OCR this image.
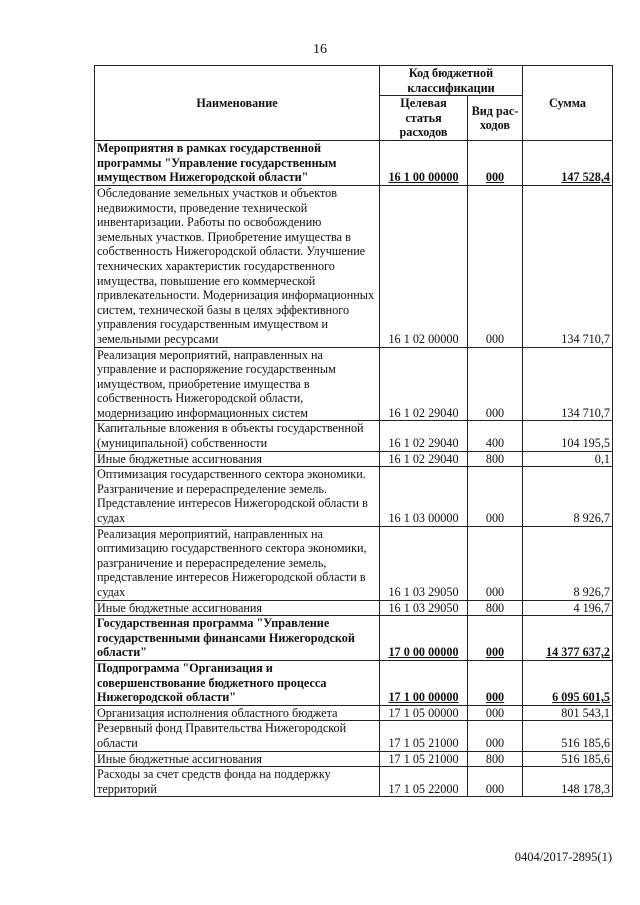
16
Наименование	Код бюджетной классификации		Сумма
	Целевая статья расходов	Вид рас-ходов	
Мероприятия в рамках государственной программы "Управление государственным имуществом Нижегородской области"	16 1 00 00000	000	147 528,4
Обследование земельных участков и объектов недвижимости, проведение технической инвентаризации. Работы по освобождению земельных участков. Приобретение имущества в собственность Нижегородской области. Улучшение технических характеристик государственного имущества, повышение его коммерческой привлекательности. Модернизация информационных систем, технической базы в целях эффективного управления государственным имуществом и земельными ресурсами	16 1 02 00000	000	134 710,7
Реализация мероприятий, направленных на управление и распоряжение государственным имуществом, приобретение имущества в собственность Нижегородской области, модернизацию информационных систем	16 1 02 29040	000	134 710,7
Капитальные вложения в объекты государственной (муниципальной) собственности	16 1 02 29040	400	104 195,5
Иные бюджетные ассигнования	16 1 02 29040	800	0,1
Оптимизация государственного сектора экономики. Разграничение и перераспределение земель. Представление интересов Нижегородской области в судах	16 1 03 00000	000	8 926,7
Реализация мероприятий, направленных на оптимизацию государственного сектора экономики, разграничение и перераспределение земель, представление интересов Нижегородской области в судах	16 1 03 29050	000	8 926,7
Иные бюджетные ассигнования	16 1 03 29050	800	4 196,7
Государственная программа "Управление государственными финансами Нижегородской области"	17 0 00 00000	000	14 377 637,2
Подпрограмма "Организация и совершенствование бюджетного процесса Нижегородской области"	17 1 00 00000	000	6 095 601,5
Организация исполнения областного бюджета	17 1 05 00000	000	801 543,1
Резервный фонд Правительства Нижегородской области	17 1 05 21000	000	516 185,6
Иные бюджетные ассигнования	17 1 05 21000	800	516 185,6
Расходы за счет средств фонда на поддержку территорий	17 1 05 22000	000	148 178,3
0404/2017-2895(1)
